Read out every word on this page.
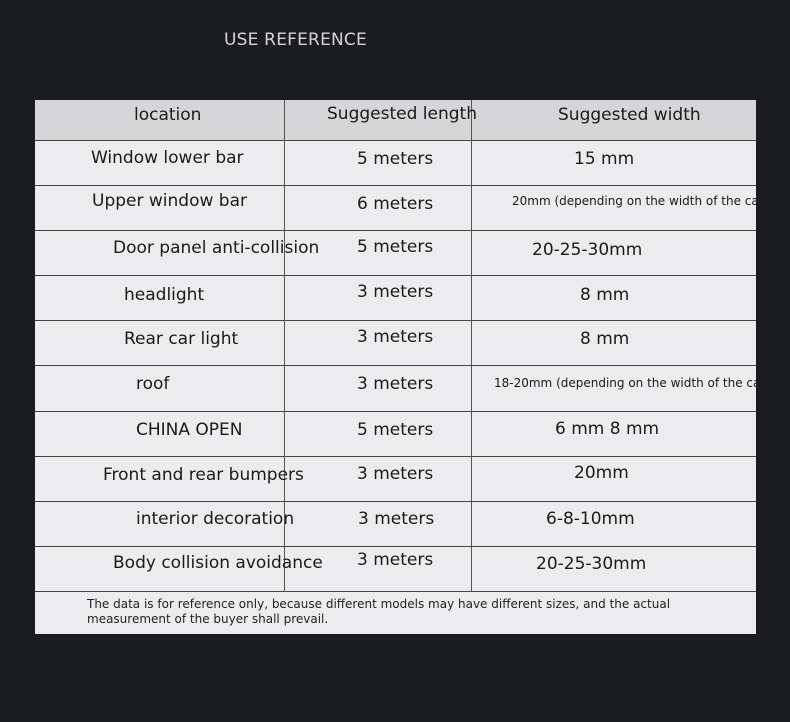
USE REFERENCE
location	Suggested length	Suggested width
Window lower bar	5 meters	15 mm
Upper window bar	6 meters	20mm (depending on the width of the car)
Door panel anti-collision 5 meters	20-25-30mm
headlight	3 meters	8 mm
Rear car light	3 meters	8 mm
roof	3 meters	18-20mm (depending on the width of the car)
CHINA OPEN	5 meters	6 mm 8 mm
Front and rear bumpers	3 meters	20mm
interior decoration	3 meters	6-8-10mm
Body collision avoidance 3 meters	20-25-30mm
The data is for reference only, because different models may have different sizes, and the actual measurement of the buyer shall prevail.
